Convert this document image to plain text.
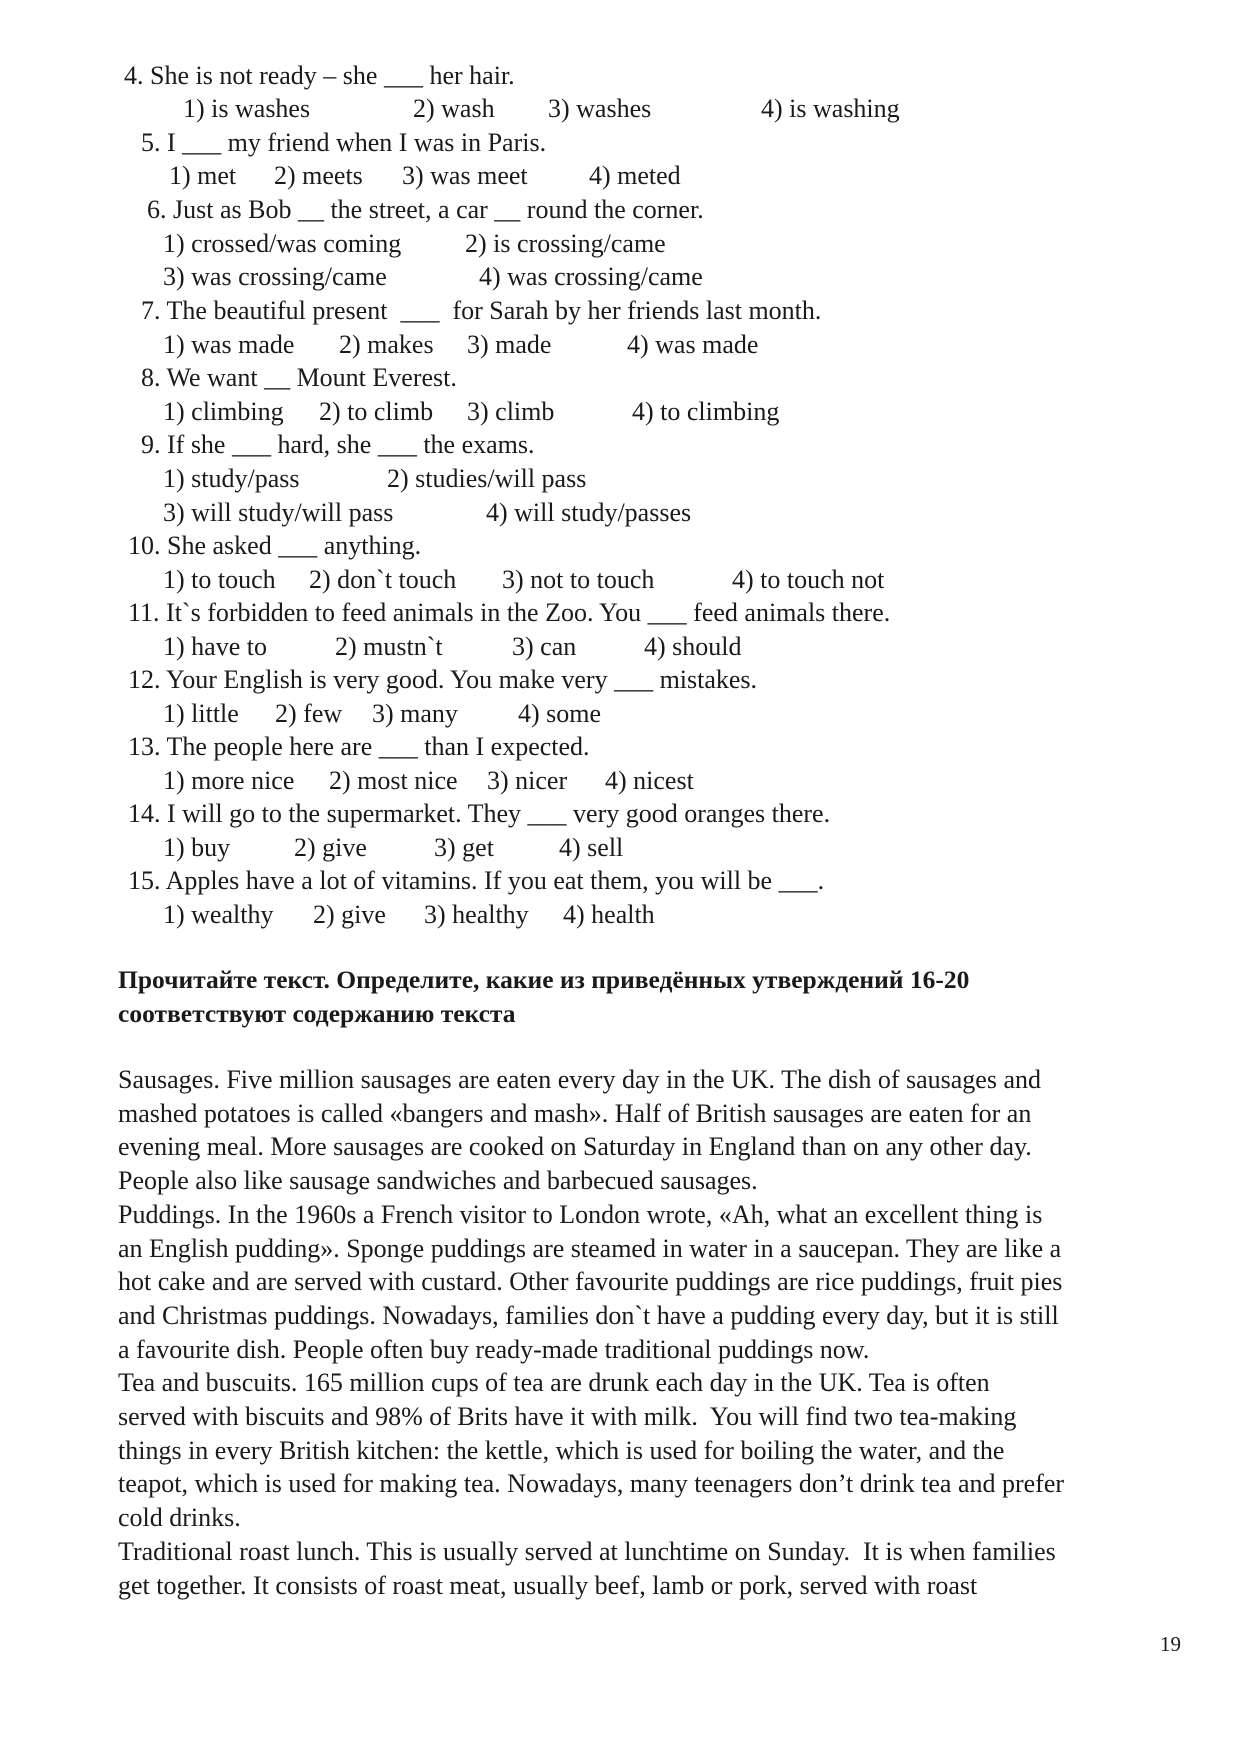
4. She is not ready – she ___ her hair.
1) is washes	2) wash 3) washes	4) is washing
5. I ___ my friend when I was in Paris.
1) met 2) meets 3) was meet 4) meted
6. Just as Bob __ the street, a car __ round the corner.
1) crossed/was coming 2) is crossing/came
3) was crossing/came	4) was crossing/came
7. The beautiful present  ___  for Sarah by her friends last month.
1) was made 2) makes 3) made	4) was made
8. We want __ Mount Everest.
1) climbing 2) to climb 3) climb	4) to climbing
9. If she ___ hard, she ___ the exams.
1) study/pass	2) studies/will pass
3) will study/will pass	4) will study/passes
10. She asked ___ anything.
1) to touch 2) don`t touch 3) not to touch	4) to touch not
11. It`s forbidden to feed animals in the Zoo. You ___ feed animals there.
1) have to	2) mustn`t	3) can	4) should
12. Your English is very good. You make very ___ mistakes.
1) little 2) few 3) many 4) some
13. The people here are ___ than I expected.
1) more nice 2) most nice 3) nicer 4) nicest
14. I will go to the supermarket. They ___ very good oranges there.
1) buy 2) give	3) get	4) sell
15. Apples have a lot of vitamins. If you eat them, you will be ___.
1) wealthy 2) give 3) healthy 4) health
Прочитайте текст. Определите, какие из приведённых утверждений 16-20
соответствуют содержанию текста
Sausages. Five million sausages are eaten every day in the UK. The dish of sausages and
mashed potatoes is called «bangers and mash». Half of British sausages are eaten for an
evening meal. More sausages are cooked on Saturday in England than on any other day.
People also like sausage sandwiches and barbecued sausages.
Puddings. In the 1960s a French visitor to London wrote, «Ah, what an excellent thing is
an English pudding». Sponge puddings are steamed in water in a saucepan. They are like a
hot cake and are served with custard. Other favourite puddings are rice puddings, fruit pies
and Christmas puddings. Nowadays, families don`t have a pudding every day, but it is still
a favourite dish. People often buy ready-made traditional puddings now.
Tea and buscuits. 165 million cups of tea are drunk each day in the UK. Tea is often
served with biscuits and 98% of Brits have it with milk.  You will find two tea-making
things in every British kitchen: the kettle, which is used for boiling the water, and the
teapot, which is used for making tea. Nowadays, many teenagers don’t drink tea and prefer
cold drinks.
Traditional roast lunch. This is usually served at lunchtime on Sunday.  It is when families
get together. It consists of roast meat, usually beef, lamb or pork, served with roast
19
